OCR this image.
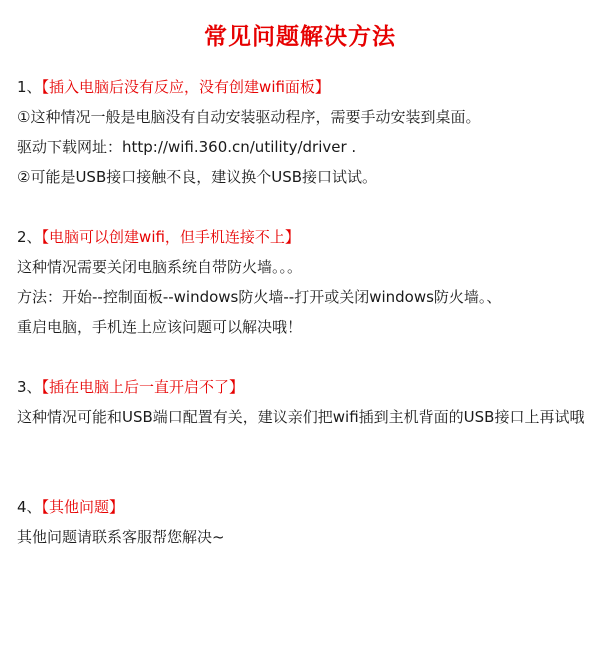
常见问题解决方法
1、【插入电脑后没有反应，没有创建wifi面板】
①这种情况一般是电脑没有自动安装驱动程序，需要手动安装到桌面。
驱动下载网址：http://wifi.360.cn/utility/driver .
②可能是USB接口接触不良，建议换个USB接口试试。
2、【电脑可以创建wifi，但手机连接不上】
这种情况需要关闭电脑系统自带防火墙。。。
方法：开始--控制面板--windows防火墙--打开或关闭windows防火墙。、
重启电脑，手机连上应该问题可以解决哦！
3、【插在电脑上后一直开启不了】
这种情况可能和USB端口配置有关，建议亲们把wifi插到主机背面的USB接口上再试哦
4、【其他问题】
其他问题请联系客服帮您解决~
